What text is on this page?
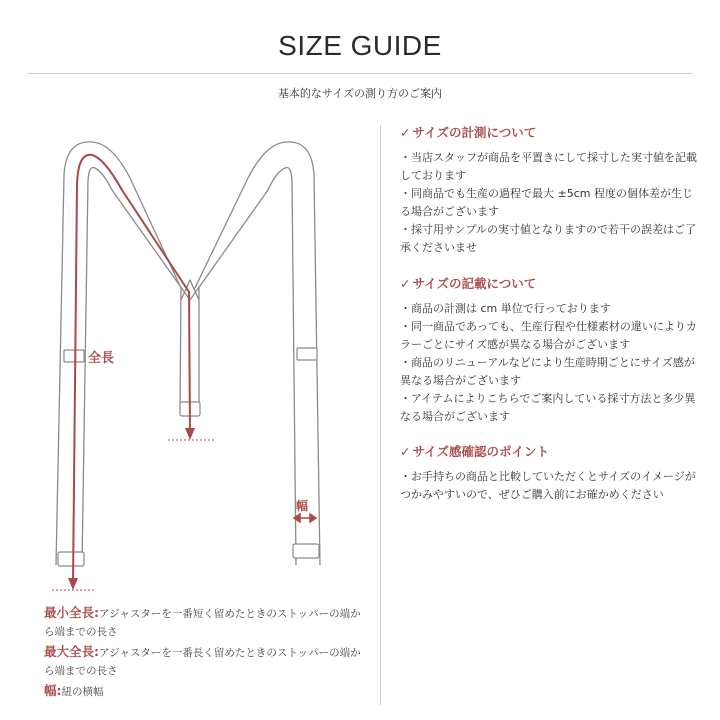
SIZE GUIDE
基本的なサイズの測り方のご案内
全長
幅
✓ サイズの計測について
・当店スタッフが商品を平置きにして採寸した実寸値を記載しております
・同商品でも生産の過程で最大 ±5cm 程度の個体差が生じる場合がございます
・採寸用サンプルの実寸値となりますので若干の誤差はご了承くださいませ
✓ サイズの記載について
・商品の計測は cm 単位で行っております
・同一商品であっても、生産行程や仕様素材の違いによりカラーごとにサイズ感が異なる場合がございます
・商品のリニューアルなどにより生産時期ごとにサイズ感が異なる場合がございます
・アイテムによりこちらでご案内している採寸方法と多少異なる場合がございます
✓ サイズ感確認のポイント
・お手持ちの商品と比較していただくとサイズのイメージがつかみやすいので、ぜひご購入前にお確かめください
最小全長:アジャスターを一番短く留めたときのストッパーの端から端までの長さ
最大全長:アジャスターを一番長く留めたときのストッパーの端から端までの長さ
幅:紐の横幅
